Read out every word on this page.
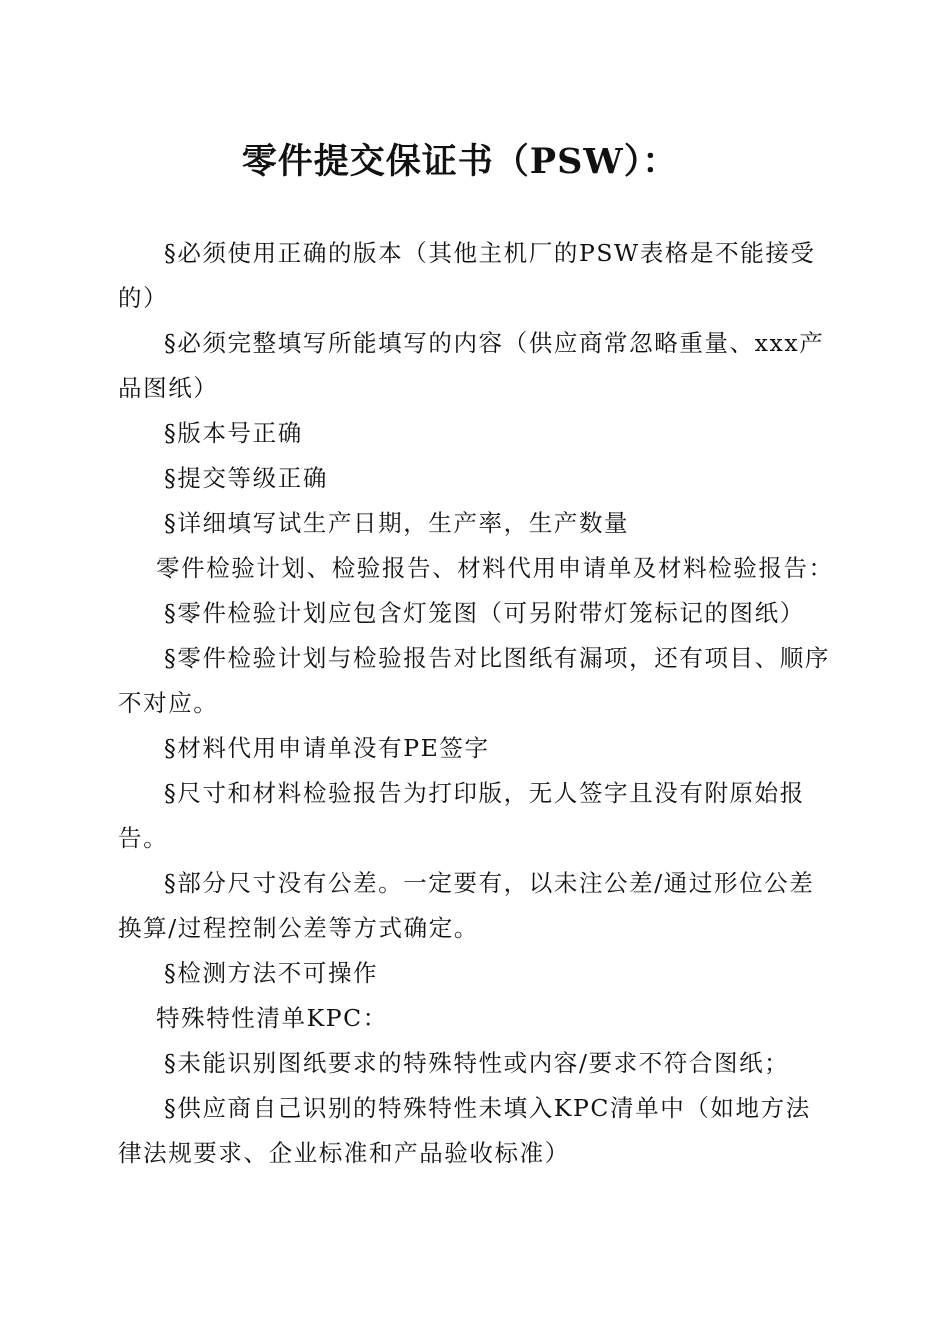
零件提交保证书（PSW）：

§必须使用正确的版本（其他主机厂的PSW表格是不能接受的）

§必须完整填写所能填写的内容（供应商常忽略重量、xxx产品图纸）

§版本号正确

§提交等级正确

§详细填写试生产日期，生产率，生产数量

零件检验计划、检验报告、材料代用申请单及材料检验报告：

§零件检验计划应包含灯笼图（可另附带灯笼标记的图纸）

§零件检验计划与检验报告对比图纸有漏项，还有项目、顺序不对应。

§材料代用申请单没有PE签字

§尺寸和材料检验报告为打印版，无人签字且没有附原始报告。

§部分尺寸没有公差。一定要有，以未注公差/通过形位公差换算/过程控制公差等方式确定。

§检测方法不可操作

特殊特性清单KPC：

§未能识别图纸要求的特殊特性或内容/要求不符合图纸；

§供应商自己识别的特殊特性未填入KPC清单中（如地方法律法规要求、企业标准和产品验收标准）
